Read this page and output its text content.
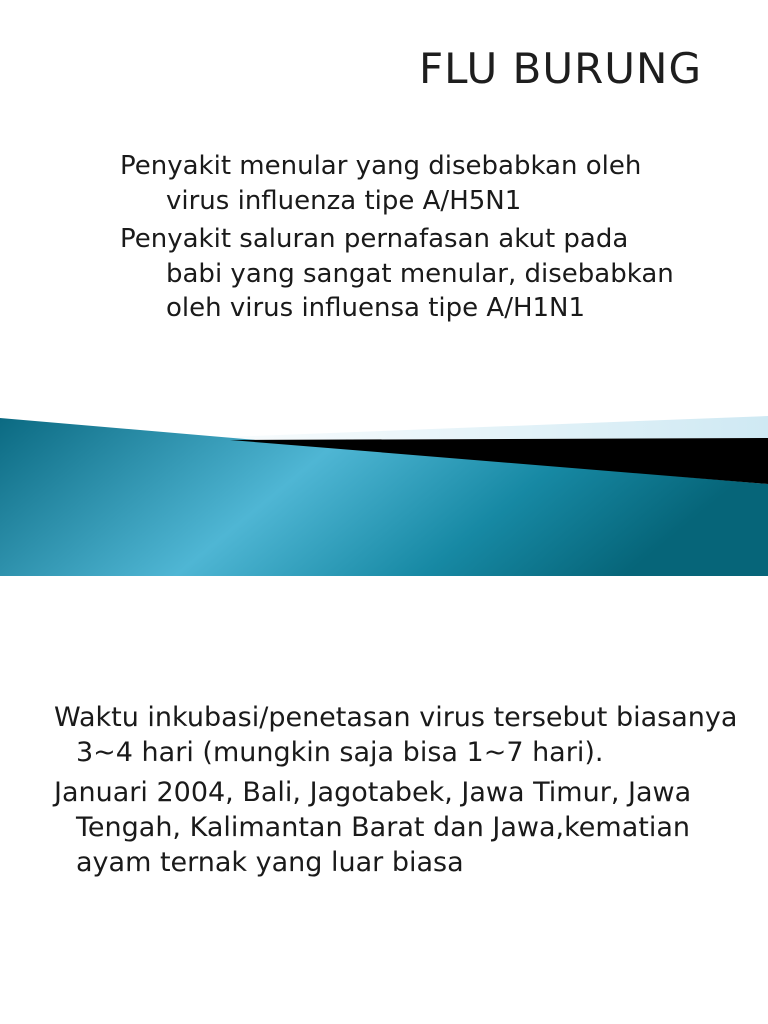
FLU BURUNG
Penyakit menular yang disebabkan oleh virus influenza tipe A/H5N1
Penyakit saluran pernafasan akut pada babi yang sangat menular, disebabkan oleh virus influensa tipe A/H1N1
Waktu inkubasi/penetasan virus tersebut biasanya 3~4 hari (mungkin saja bisa 1~7 hari).
Januari 2004, Bali, Jagotabek, Jawa Timur, Jawa Tengah, Kalimantan Barat dan Jawa,kematian ayam ternak yang luar biasa
